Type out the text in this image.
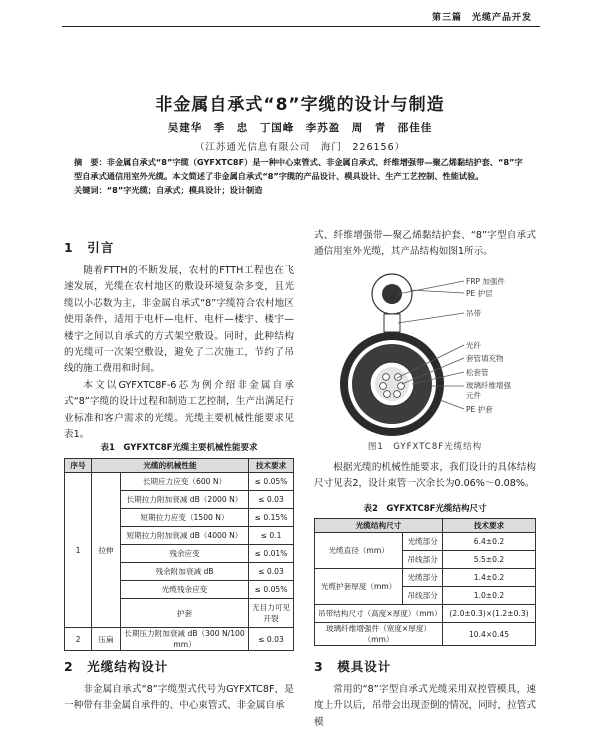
第三篇　光缆产品开发
非金属自承式“8”字缆的设计与制造
吴建华　季　忠　丁国峰　李苏盈　周　青　邵佳佳
（江苏通光信息有限公司　海门　226156）
摘　要：非金属自承式“8”字缆（GYFXTC8F）是一种中心束管式、非金属自承式、纤维增强带—聚乙烯黏结护套、“8”字型自承式通信用室外光缆。本文简述了非金属自承式“8”字缆的产品设计、模具设计、生产工艺控制、性能试验。
关键词：“8”字光缆；自承式；模具设计；设计制造
1　引言
随着FTTH的不断发展，农村的FTTH工程也在飞速发展，光缆在农村地区的敷设环境复杂多变，且光缆以小芯数为主，非金属自承式“8”字缆符合农村地区使用条件，适用于电杆—电杆、电杆—楼宇、楼宇—楼宇之间以自承式的方式架空敷设。同时，此种结构的光缆可一次架空敷设，避免了二次施工，节约了吊线的施工费用和时间。
本文以GYFXTC8F-6芯为例介绍非金属自承式“8”字缆的设计过程和制造工艺控制，生产出满足行业标准和客户需求的光缆。光缆主要机械性能要求见表1。
表1　GYFXTC8F光缆主要机械性能要求
序号	光缆的机械性能		技术要求
1	拉伸	长期应力应变（600 N）	≤ 0.05%
		长期拉力附加衰减 dB（2000 N）	≤ 0.03
		短期拉力应变（1500 N）	≤ 0.15%
		短期拉力附加衰减 dB（4000 N）	≤ 0.1
		残余应变	≤ 0.01%
		残余附加衰减 dB	≤ 0.03
		光缆残余应变	≤ 0.05%
		护套	无目力可见开裂
2	压扁	长期压力附加衰减 dB（300 N/100 mm）	≤ 0.03
2　光缆结构设计
非金属自承式“8”字缆型式代号为GYFXTC8F，是一种带有非金属自承件的、中心束管式、非金属自承
式、纤维增强带—聚乙烯黏结护套、“8”字型自承式通信用室外光缆，其产品结构如图1所示。
FRP 加强件
PE 护层
吊带
光纤
套管填充物
松套管
玻璃纤维增强元件
PE 护套
图1　GYFXTC8F光缆结构
根据光缆的机械性能要求，我们设计的具体结构尺寸见表2，设计束管一次余长为0.06%～0.08%。
表2　GYFXTC8F光缆结构尺寸
光缆结构尺寸		技术要求
光缆直径（mm）	光缆部分	6.4±0.2
	吊线部分	5.5±0.2
光缆护套厚度（mm）	光缆部分	1.4±0.2
	吊线部分	1.0±0.2
吊带结构尺寸（高度×厚度）（mm）		(2.0±0.3)×(1.2±0.3)
玻璃纤维增强件（宽度×厚度）（mm）		10.4×0.45
3　模具设计
常用的“8”字型自承式光缆采用双控管模具，速度上升以后，吊带会出现歪倒的情况，同时，拉管式模
